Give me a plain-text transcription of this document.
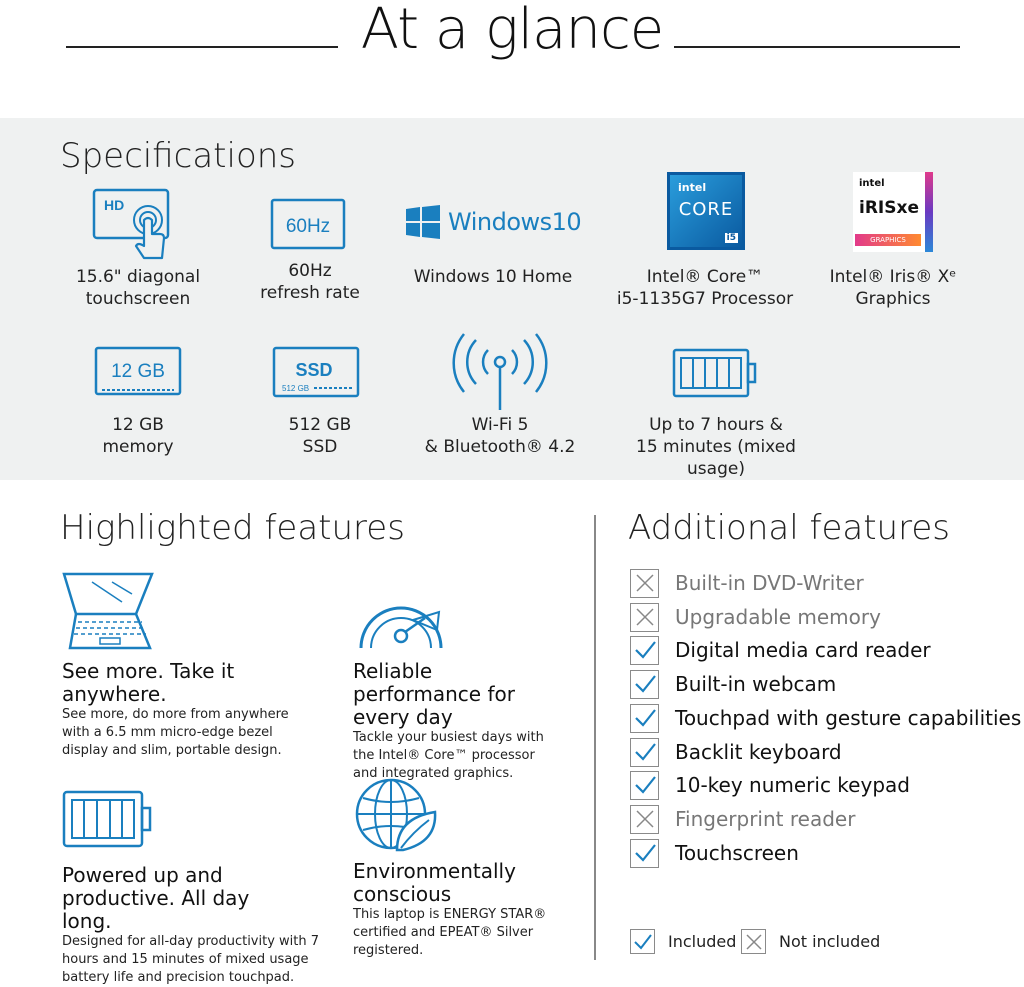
At a glance
Specifications
HD
15.6" diagonal
touchscreen
60Hz
60Hz
refresh rate
Windows10
Windows 10 Home
intel
CORE
i5
Intel® Core™
i5-1135G7 Processor
intel
iRISxe
GRAPHICS
Intel® Iris® Xᵉ
Graphics
12 GB
12 GB
memory
SSD
512 GB
512 GB
SSD
Wi-Fi 5
& Bluetooth® 4.2
Up to 7 hours &
15 minutes (mixed usage)
Highlighted features
See more. Take it anywhere.
See more, do more from anywhere with a 6.5 mm micro-edge bezel display and slim, portable design.
Reliable performance for every day
Tackle your busiest days with the Intel® Core™ processor and integrated graphics.
Powered up and productive. All day long.
Designed for all-day productivity with 7 hours and 15 minutes of mixed usage battery life and precision touchpad.
Environmentally conscious
This laptop is ENERGY STAR® certified and EPEAT® Silver registered.
Additional features
Built-in DVD-Writer
Upgradable memory
Digital media card reader
Built-in webcam
Touchpad with gesture capabilities
Backlit keyboard
10-key numeric keypad
Fingerprint reader
Touchscreen
Included	Not included
